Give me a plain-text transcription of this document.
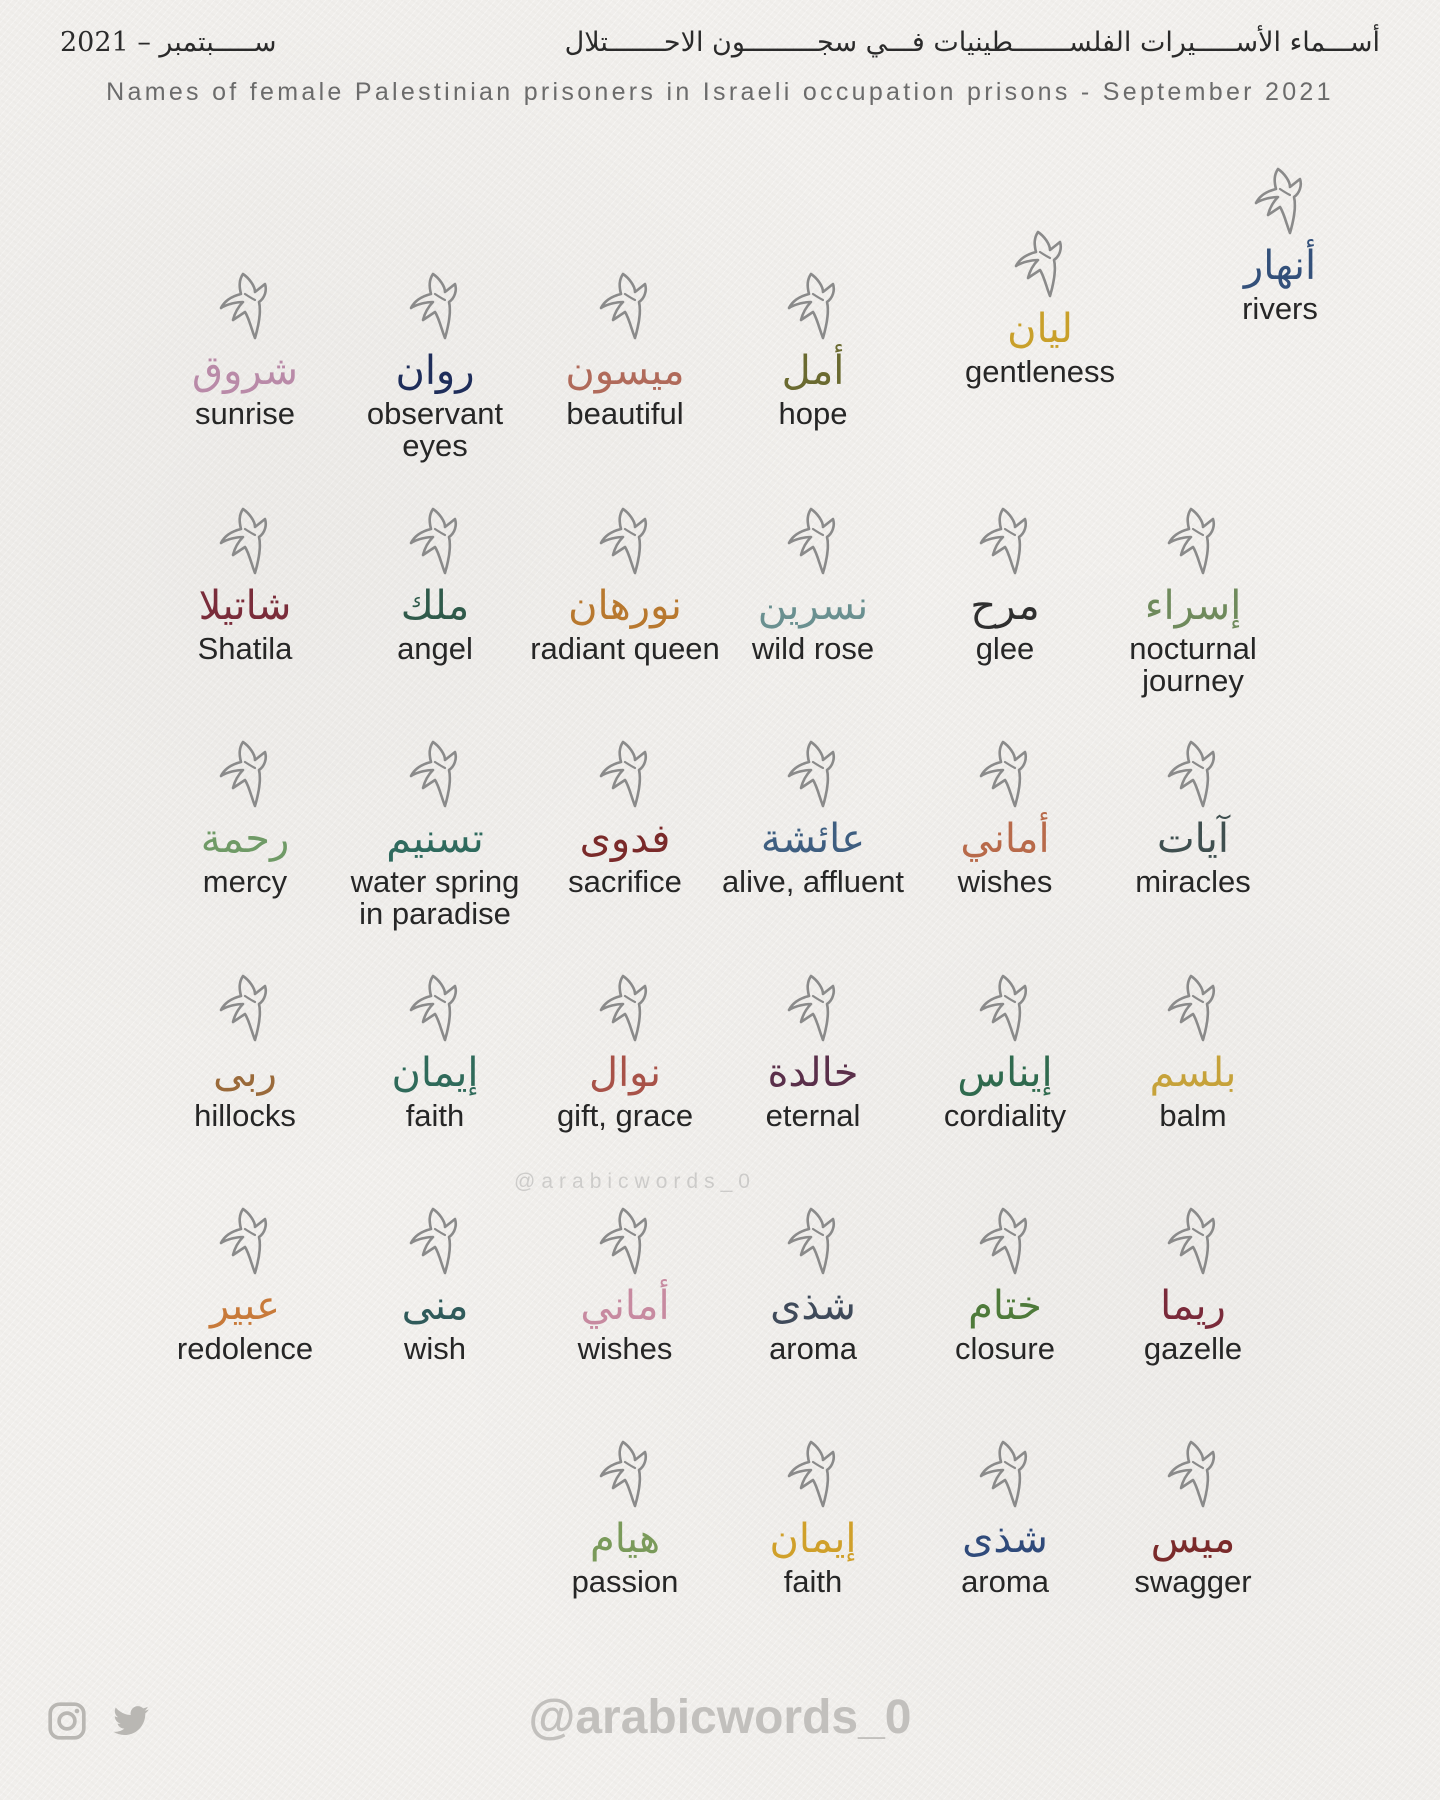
2021 – ســـــبتمبر	أســـماء الأســـــيرات الفلســـــــطينيات فـــي سجـــــــــون الاحـــــــتلال
Names of female Palestinian prisoners in Israeli occupation prisons - September 2021
أنهار
rivers
ليان
gentleness
أمل
hope
ميسون
beautiful
روان
observant eyes
شروق
sunrise
إسراء
nocturnal journey
مرح
glee
نسرين
wild rose
نورهان
radiant queen
ملك
angel
شاتيلا
Shatila
آيات
miracles
أماني
wishes
عائشة
alive, affluent
فدوى
sacrifice
تسنيم
water spring in paradise
رحمة
mercy
بلسم
balm
إيناس
cordiality
خالدة
eternal
نوال
gift, grace
إيمان
faith
ربى
hillocks
ريما
gazelle
ختام
closure
شذى
aroma
أماني
wishes
منى
wish
عبير
redolence
ميس
swagger
شذى
aroma
إيمان
faith
هيام
passion
@arabicwords_0
@arabicwords_0
